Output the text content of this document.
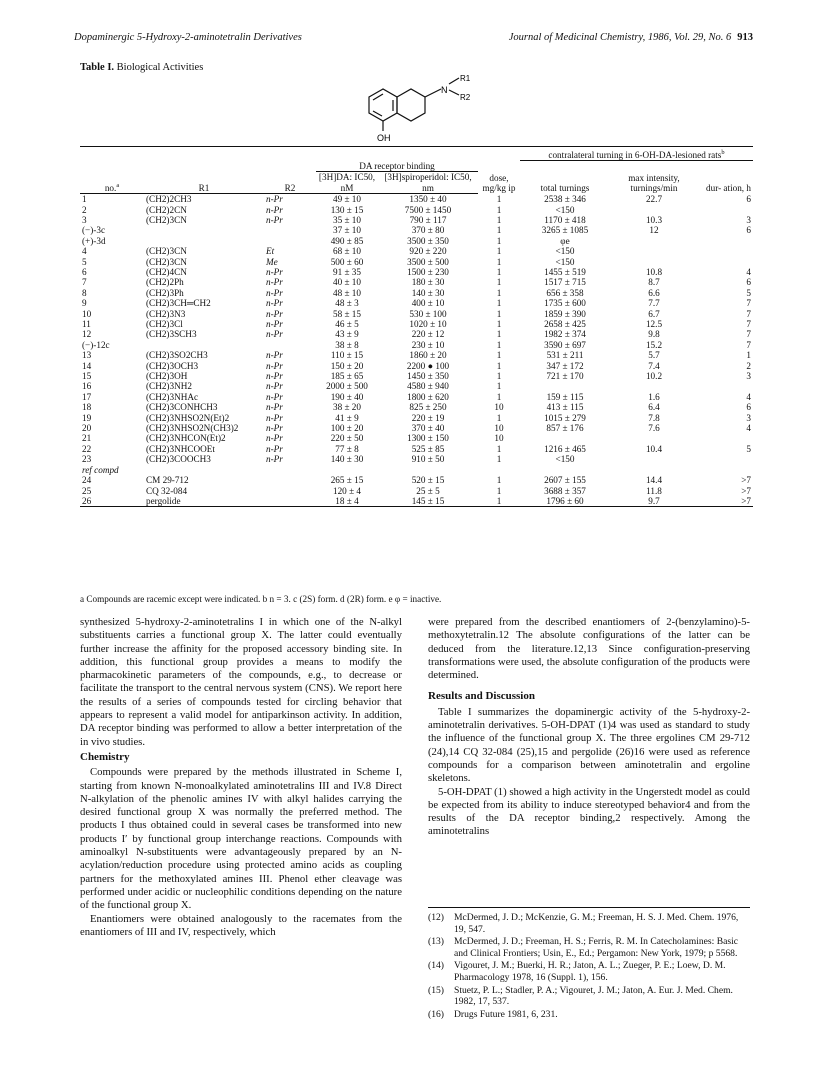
Dopaminergic 5-Hydroxy-2-aminotetralin Derivatives	Journal of Medicinal Chemistry, 1986, Vol. 29, No. 6 913
Table I. Biological Activities
N
R1
R2
OH
						contralateral turning in 6-OH-DA-lesioned rats$^b$
			DA receptor binding		dose, mg/kg ip	total turnings	max intensity, turnings/min	dur- ation, h
no.$^a$	R1	R2	[3H]DA: IC50, nM	[3H]spiroperidol: IC50, nm				
1	(CH2)2CH3	n-Pr	49 ± 10	1350 ± 40	1	2538 ± 346	22.7	6
2	(CH2)2CN	n-Pr	130 ± 15	7500 ± 1450	1	<150		
3	(CH2)3CN	n-Pr	35 ± 10	790 ± 117	1	1170 ± 418	10.3	3
(−)-3c			37 ± 10	370 ± 80	1	3265 ± 1085	12	6
(+)-3d			490 ± 85	3500 ± 350	1	φe		
4	(CH2)3CN	Et	68 ± 10	920 ± 220	1	<150		
5	(CH2)3CN	Me	500 ± 60	3500 ± 500	1	<150		
6	(CH2)4CN	n-Pr	91 ± 35	1500 ± 230	1	1455 ± 519	10.8	4
7	(CH2)2Ph	n-Pr	40 ± 10	180 ± 30	1	1517 ± 715	8.7	6
8	(CH2)3Ph	n-Pr	48 ± 10	140 ± 30	1	656 ± 358	6.6	5
9	(CH2)3CH═CH2	n-Pr	48 ± 3	400 ± 10	1	1735 ± 600	7.7	7
10	(CH2)3N3	n-Pr	58 ± 15	530 ± 100	1	1859 ± 390	6.7	7
11	(CH2)3Cl	n-Pr	46 ± 5	1020 ± 10	1	2658 ± 425	12.5	7
12	(CH2)3SCH3	n-Pr	43 ± 9	220 ± 12	1	1982 ± 374	9.8	7
(−)-12c			38 ± 8	230 ± 10	1	3590 ± 697	15.2	7
13	(CH2)3SO2CH3	n-Pr	110 ± 15	1860 ± 20	1	531 ± 211	5.7	1
14	(CH2)3OCH3	n-Pr	150 ± 20	2200 ● 100	1	347 ± 172	7.4	2
15	(CH2)3OH	n-Pr	185 ± 65	1450 ± 350	1	721 ± 170	10.2	3
16	(CH2)3NH2	n-Pr	2000 ± 500	4580 ± 940	1			
17	(CH2)3NHAc	n-Pr	190 ± 40	1800 ± 620	1	159 ± 115	1.6	4
18	(CH2)3CONHCH3	n-Pr	38 ± 20	825 ± 250	10	413 ± 115	6.4	6
19	(CH2)3NHSO2N(Et)2	n-Pr	41 ± 9	220 ± 19	1	1015 ± 279	7.8	3
20	(CH2)3NHSO2N(CH3)2	n-Pr	100 ± 20	370 ± 40	10	857 ± 176	7.6	4
21	(CH2)3NHCON(Et)2	n-Pr	220 ± 50	1300 ± 150	10			
22	(CH2)3NHCOOEt	n-Pr	77 ± 8	525 ± 85	1	1216 ± 465	10.4	5
23	(CH2)3COOCH3	n-Pr	140 ± 30	910 ± 50	1	<150		
ref compd								
24	CM 29-712		265 ± 15	520 ± 15	1	2607 ± 155	14.4	>7
25	CQ 32-084		120 ± 4	25 ± 5	1	3688 ± 357	11.8	>7
26	pergolide		18 ± 4	145 ± 15	1	1796 ± 60	9.7	>7
a Compounds are racemic except were indicated. b n = 3. c (2S) form. d (2R) form. e φ = inactive.

synthesized 5-hydroxy-2-aminotetralins I in which one of the N-alkyl substituents carries a functional group X. The latter could eventually further increase the affinity for the proposed accessory binding site. In addition, this functional group provides a means to modify the pharmacokinetic parameters of the compounds, e.g., to decrease or facilitate the transport to the central nervous system (CNS). We report here the results of a series of compounds tested for circling behavior that appears to represent a valid model for antiparkinson activity. In addition, DA receptor binding was performed to allow a better interpretation of the in vivo studies.

Chemistry

Compounds were prepared by the methods illustrated in Scheme I, starting from known N-monoalkylated aminotetralins III and IV.8 Direct N-alkylation of the phenolic amines IV with alkyl halides carrying the desired functional group X was normally the preferred method. The products I thus obtained could in several cases be transformed into new products I′ by functional group interchange reactions. Compounds with aminoalkyl N-substituents were advantageously prepared by an N-acylation/reduction procedure using protected amino acids as coupling partners for the methoxylated amines III. Phenol ether cleavage was performed under acidic or nucleophilic conditions depending on the nature of the functional group X.

Enantiomers were obtained analogously to the racemates from the enantiomers of III and IV, respectively, which

were prepared from the described enantiomers of 2-(benzylamino)-5-methoxytetralin.12 The absolute configurations of the latter can be deduced from the literature.12,13 Since configuration-preserving transformations were used, the absolute configuration of the products were determined.

Results and Discussion

Table I summarizes the dopaminergic activity of the 5-hydroxy-2-aminotetralin derivatives. 5-OH-DPAT (1)4 was used as standard to study the influence of the functional group X. The three ergolines CM 29-712 (24),14 CQ 32-084 (25),15 and pergolide (26)16 were used as reference compounds for a comparison between aminotetralin and ergoline skeletons.

5-OH-DPAT (1) showed a high activity in the Ungerstedt model as could be expected from its ability to induce stereotyped behavior4 and from the results of the DA receptor binding,2 respectively. Among the aminotetralins

(12)	McDermed, J. D.; McKenzie, G. M.; Freeman, H. S. J. Med. Chem. 1976, 19, 547.
(13)	McDermed, J. D.; Freeman, H. S.; Ferris, R. M. In Catecholamines: Basic and Clinical Frontiers; Usin, E., Ed.; Pergamon: New York, 1979; p 5568.
(14)	Vigouret, J. M.; Buerki, H. R.; Jaton, A. L.; Zueger, P. E.; Loew, D. M. Pharmacology 1978, 16 (Suppl. 1), 156.
(15)	Stuetz, P. L.; Stadler, P. A.; Vigouret, J. M.; Jaton, A. Eur. J. Med. Chem. 1982, 17, 537.
(16)	Drugs Future 1981, 6, 231.
